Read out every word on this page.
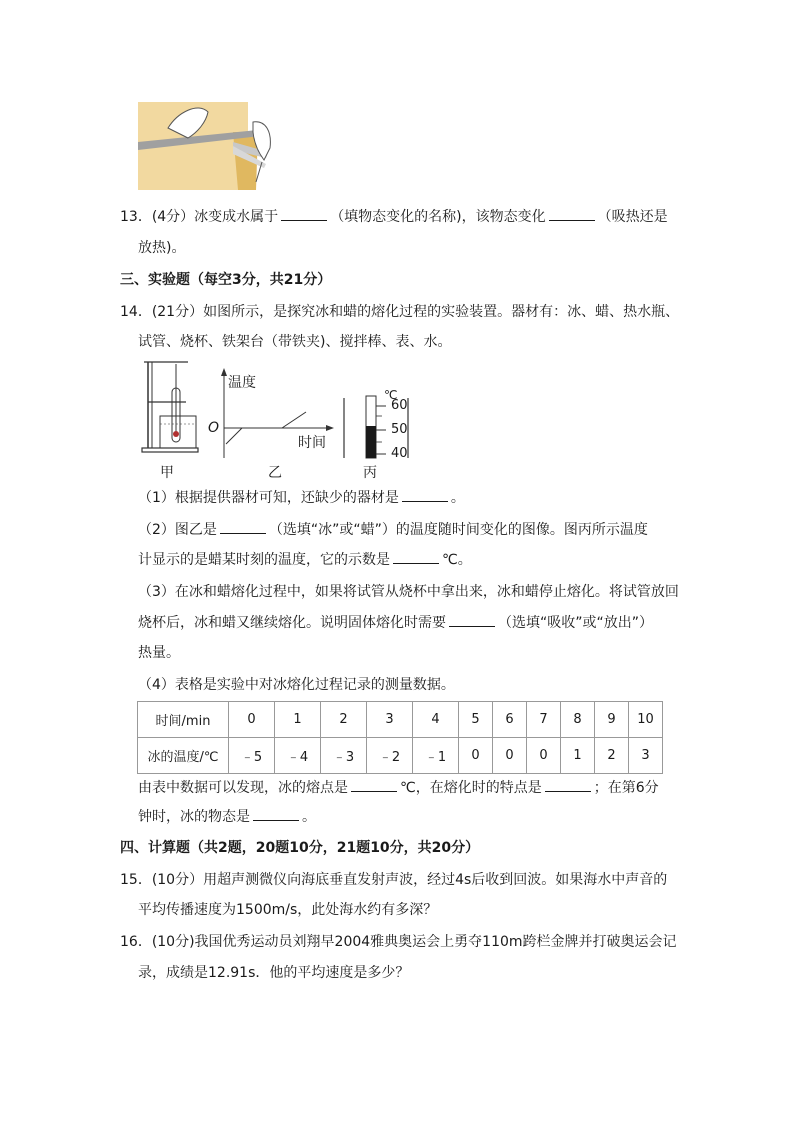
13．(4分）冰变成水属于	（填物态变化的名称)，该物态变化	（吸热还是
放热)。
三、实验题（每空3分，共21分）
14．(21分）如图所示，是探究冰和蜡的熔化过程的实验装置。器材有：冰、蜡、热水瓶、
试管、烧杯、铁架台（带铁夹)、搅拌棒、表、水。
甲
温度
O
时间
乙
℃
60
50
40
丙
（1）根据提供器材可知，还缺少的器材是	。
（2）图乙是	（选填“冰”或“蜡”）的温度随时间变化的图像。图丙所示温度
计显示的是蜡某时刻的温度，它的示数是	℃。
（3）在冰和蜡熔化过程中，如果将试管从烧杯中拿出来，冰和蜡停止熔化。将试管放回
烧杯后，冰和蜡又继续熔化。说明固体熔化时需要	（选填“吸收”或“放出”）
热量。
（4）表格是实验中对冰熔化过程记录的测量数据。
时间/min	0	1	2	3	4	5	6	7	8	9	10
冰的温度/℃	﹣5	﹣4	﹣3	﹣2	﹣1	0	0	0	1	2	3
由表中数据可以发现，冰的熔点是	℃，在熔化时的特点是	；在第6分
钟时，冰的物态是	。
四、计算题（共2题，20题10分，21题10分，共20分）
15．(10分）用超声测微仪向海底垂直发射声波，经过4s后收到回波。如果海水中声音的
平均传播速度为1500m/s，此处海水约有多深？
16．(10分)我国优秀运动员刘翔早2004雅典奥运会上勇夺110m跨栏金牌并打破奥运会记
录，成绩是12.91s．他的平均速度是多少？
